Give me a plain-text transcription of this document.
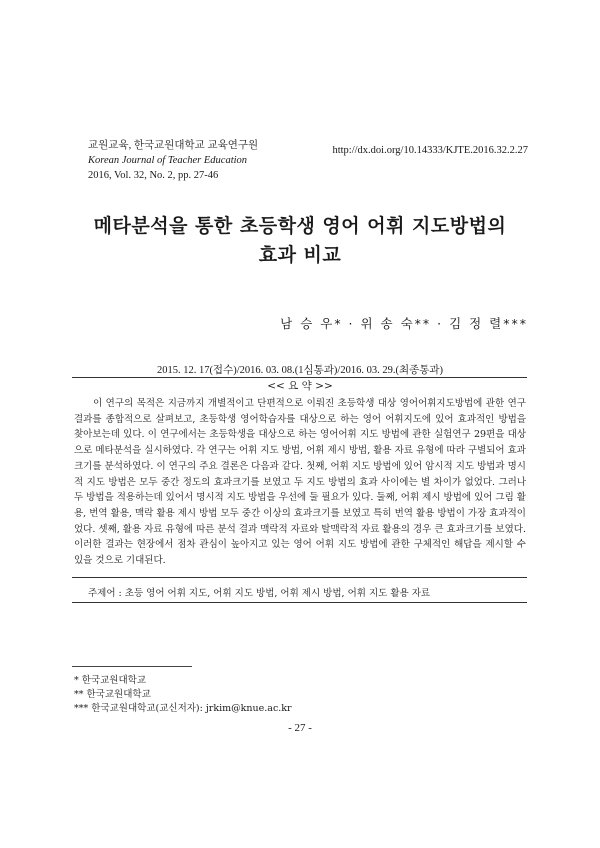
교원교육, 한국교원대학교 교육연구원
Korean Journal of Teacher Education
2016, Vol. 32, No. 2, pp. 27-46
http://dx.doi.org/10.14333/KJTE.2016.32.2.27
메타분석을 통한 초등학생 영어 어휘 지도방법의
효과 비교
남 승 우* · 위 송 숙** · 김 정 렬***
2015. 12. 17(접수)/2016. 03. 08.(1심통과)/2016. 03. 29.(최종통과)
<< 요 약 >>
이 연구의 목적은 지금까지 개별적이고 단편적으로 이뤄진 초등학생 대상 영어어휘지도방법에 관한 연구 결과를 종합적으로 살펴보고, 초등학생 영어학습자를 대상으로 하는 영어 어휘지도에 있어 효과적인 방법을 찾아보는데 있다. 이 연구에서는 초등학생을 대상으로 하는 영어어휘 지도 방법에 관한 실험연구 29편을 대상으로 메타분석을 실시하였다. 각 연구는 어휘 지도 방법, 어휘 제시 방법, 활용 자료 유형에 따라 구별되어 효과크기를 분석하였다. 이 연구의 주요 결론은 다음과 같다. 첫째, 어휘 지도 방법에 있어 암시적 지도 방법과 명시적 지도 방법은 모두 중간 정도의 효과크기를 보였고 두 지도 방법의 효과 사이에는 별 차이가 없었다. 그러나 두 방법을 적용하는데 있어서 명시적 지도 방법을 우선에 둘 필요가 있다. 둘째, 어휘 제시 방법에 있어 그림 활용, 번역 활용, 맥락 활용 제시 방법 모두 중간 이상의 효과크기를 보였고 특히 번역 활용 방법이 가장 효과적이었다. 셋째, 활용 자료 유형에 따른 분석 결과 맥락적 자료와 탈맥락적 자료 활용의 경우 큰 효과크기를 보였다. 이러한 결과는 현장에서 점차 관심이 높아지고 있는 영어 어휘 지도 방법에 관한 구체적인 해답을 제시할 수 있을 것으로 기대된다.
주제어 : 초등 영어 어휘 지도, 어휘 지도 방법, 어휘 제시 방법, 어휘 지도 활용 자료
* 한국교원대학교
** 한국교원대학교
*** 한국교원대학교(교신저자): jrkim@knue.ac.kr
- 27 -
